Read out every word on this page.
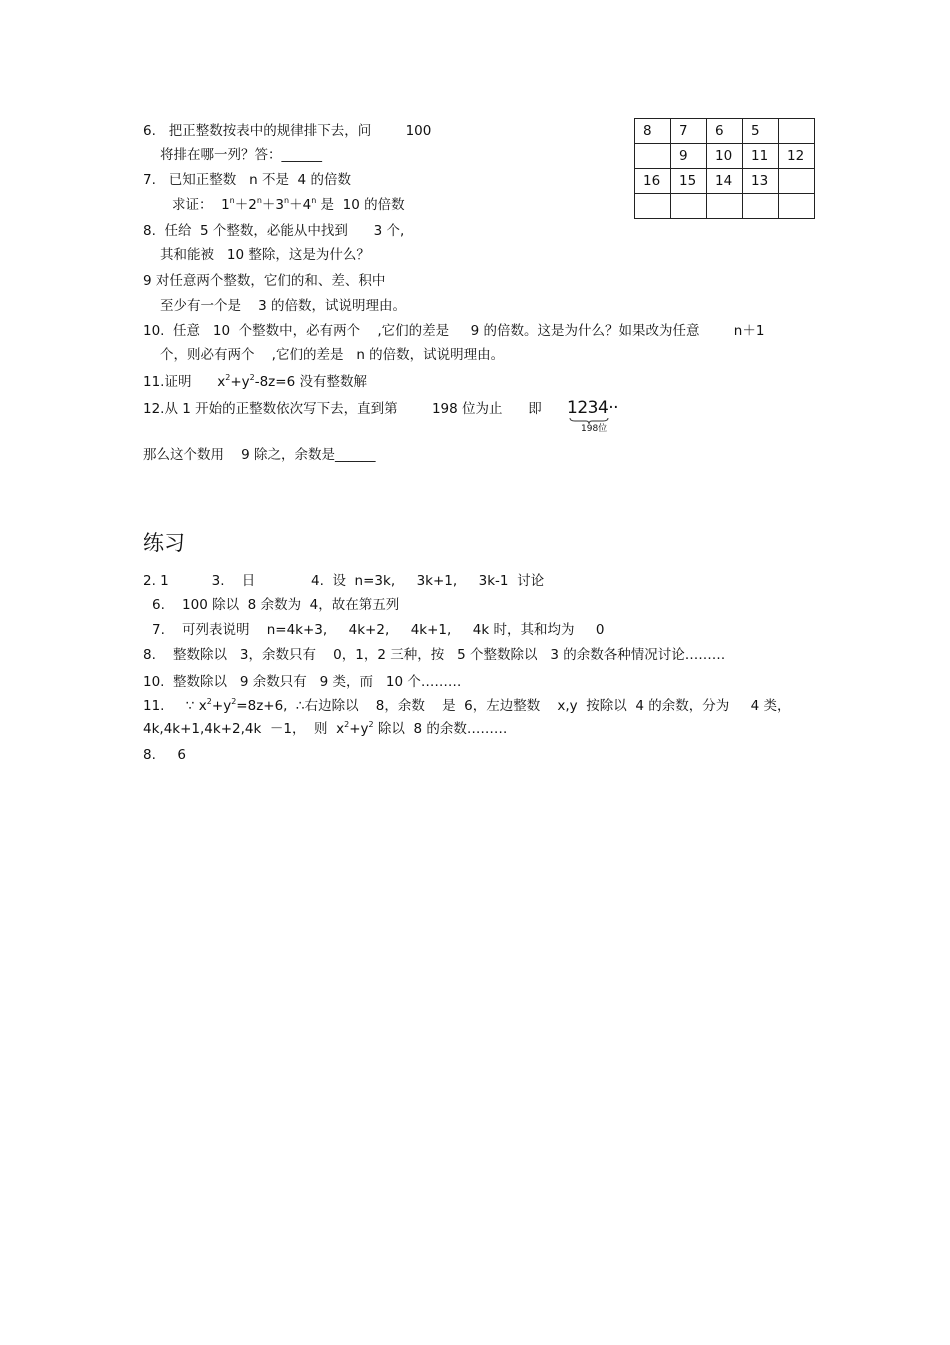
6.   把正整数按表中的规律排下去，问        100
将排在哪一列？答：______
7.   已知正整数   n 不是  4 的倍数
求证：  $1^n+2^n+3^n+4^n$ 是  10 的倍数
8.  任给  5 个整数，必能从中找到      3 个,
其和能被   10 整除，这是为什么？
9 对任意两个整数，它们的和、差、积中
至少有一个是    3 的倍数，试说明理由。
10.  任意   10  个整数中，必有两个    ,它们的差是     9 的倍数。这是为什么？如果改为任意        n＋1
个，则必有两个    ,它们的差是   n 的倍数，试说明理由。
11.证明      $x^2+y^2-8z=6$ 没有整数解
12.从 1 开始的正整数依次写下去，直到第        198 位为止      即 1234··
198位
那么这个数用    9 除之，余数是______
8	7	6	5	
	9	10	11	12
16	15	14	13	

练习
2. 1          3.    日             4.  设  n=3k,     3k+1,     3k-1  讨论
6.    100 除以  8 余数为  4，故在第五列
7.    可列表说明    n=4k+3,     4k+2,     4k+1,     4k 时，其和均为     0
8.    整数除以   3，余数只有    0，1，2 三种，按   5 个整数除以   3 的余数各种情况讨论………
10.  整数除以   9 余数只有   9 类，而   10 个………
11.     ∵ $x^2+y^2=8z+6$,  ∴右边除以    8，余数    是  6，左边整数    x,y  按除以  4 的余数，分为     4 类，
4k,4k+1,4k+2,4k  －1，  则  $x^2+y^2$ 除以  8 的余数………
8.     6
